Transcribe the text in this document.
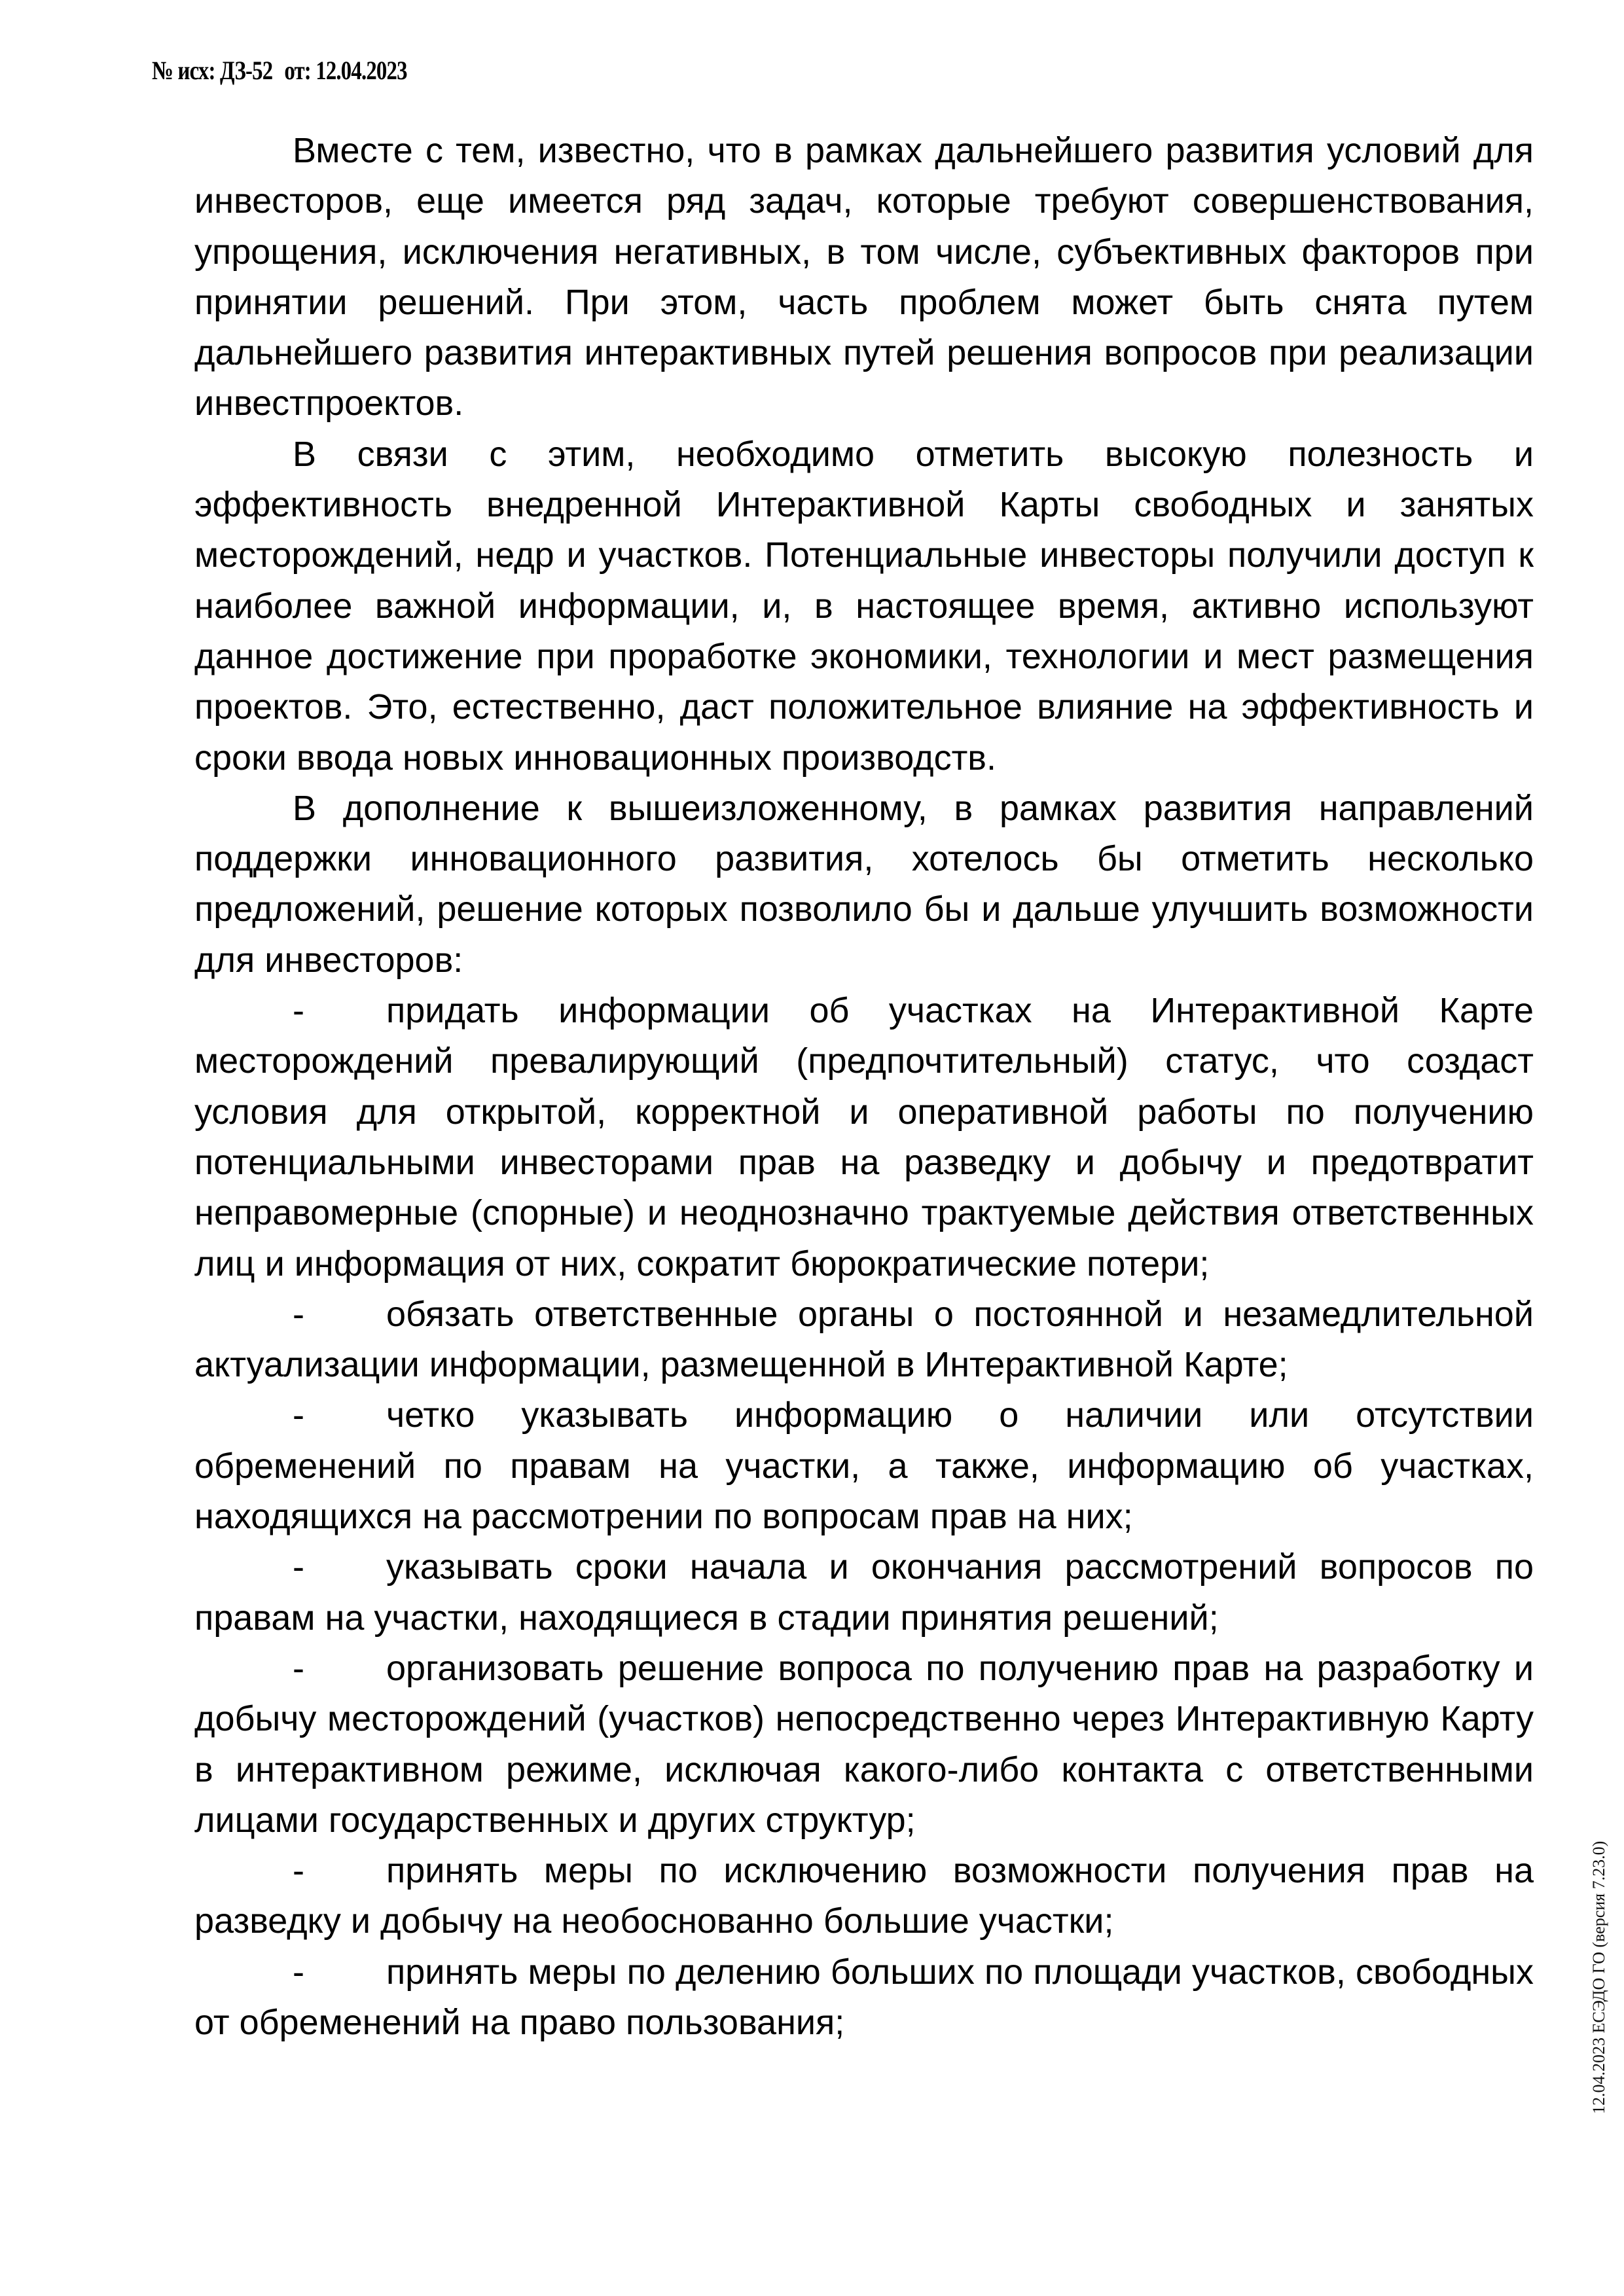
№ исх: ДЗ-52 от: 12.04.2023

Вместе с тем, известно, что в рамках дальнейшего развития условий для инвесторов, еще имеется ряд задач, которые требуют совершенствования, упрощения, исключения негативных, в том числе, субъективных факторов при принятии решений. При этом, часть проблем может быть снята путем дальнейшего развития интерактивных путей решения вопросов при реализации инвестпроектов.

В связи с этим, необходимо отметить высокую полезность и эффективность внедренной Интерактивной Карты свободных и занятых месторождений, недр и участков. Потенциальные инвесторы получили доступ к наиболее важной информации, и, в настоящее время, активно используют данное достижение при проработке экономики, технологии и мест размещения проектов. Это, естественно, даст положительное влияние на эффективность и сроки ввода новых инновационных производств.

В дополнение к вышеизложенному, в рамках развития направлений поддержки инновационного развития, хотелось бы отметить несколько предложений, решение которых позволило бы и дальше улучшить возможности для инвесторов:

- придать информации об участках на Интерактивной Карте месторождений превалирующий (предпочтительный) статус, что создаст условия для открытой, корректной и оперативной работы по получению потенциальными инвесторами прав на разведку и добычу и предотвратит неправомерные (спорные) и неоднозначно трактуемые действия ответственных лиц и информация от них, сократит бюрократические потери;

- обязать ответственные органы о постоянной и незамедлительной актуализации информации, размещенной в Интерактивной Карте;

- четко указывать информацию о наличии или отсутствии обременений по правам на участки, а также, информацию об участках, находящихся на рассмотрении по вопросам прав на них;

- указывать сроки начала и окончания рассмотрений вопросов по правам на участки, находящиеся в стадии принятия решений;

- организовать решение вопроса по получению прав на разработку и добычу месторождений (участков) непосредственно через Интерактивную Карту в интерактивном режиме, исключая какого-либо контакта с ответственными лицами государственных и других структур;

- принять меры по исключению возможности получения прав на разведку и добычу на необоснованно большие участки;

- принять меры по делению больших по площади участков, свободных от обременений на право пользования;	12.04.2023 ЕСЭДО ГО (версия 7.23.0)
